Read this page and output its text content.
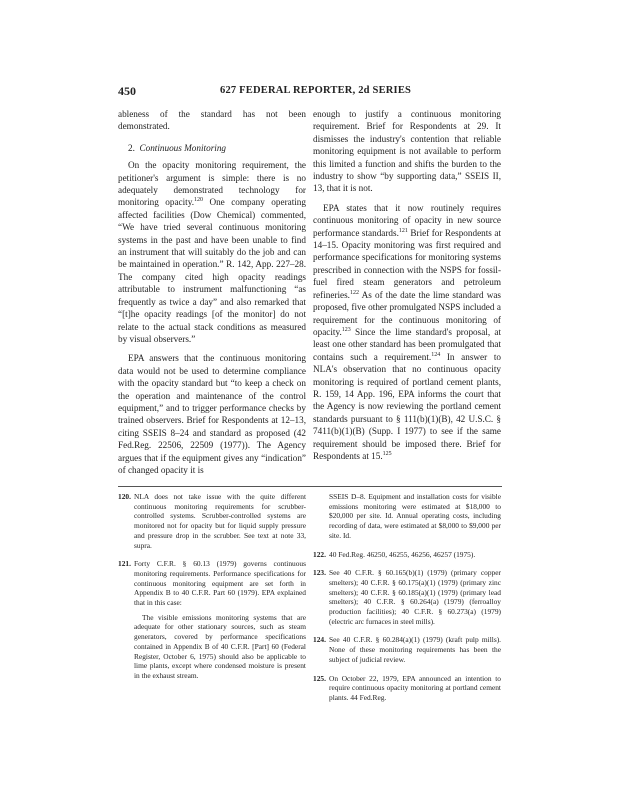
450	627 FEDERAL REPORTER, 2d SERIES

ableness of the standard has not been demonstrated.

2. Continuous Monitoring

On the opacity monitoring requirement, the petitioner's argument is simple: there is no adequately demonstrated technology for monitoring opacity.$^{120}$ One company operating affected facilities (Dow Chemical) commented, “We have tried several continuous monitoring systems in the past and have been unable to find an instrument that will suitably do the job and can be maintained in operation.” R. 142, App. 227–28. The company cited high opacity readings attributable to instrument malfunctioning “as frequently as twice a day” and also remarked that “[t]he opacity readings [of the monitor] do not relate to the actual stack conditions as measured by visual observers.”

EPA answers that the continuous monitoring data would not be used to determine compliance with the opacity standard but “to keep a check on the operation and maintenance of the control equipment,” and to trigger performance checks by trained observers. Brief for Respondents at 12–13, citing SSEIS 8–24 and standard as proposed (42 Fed.Reg. 22506, 22509 (1977)). The Agency argues that if the equipment gives any “indication” of changed opacity it is

enough to justify a continuous monitoring requirement. Brief for Respondents at 29. It dismisses the industry's contention that reliable monitoring equipment is not available to perform this limited a function and shifts the burden to the industry to show “by supporting data,” SSEIS II, 13, that it is not.

EPA states that it now routinely requires continuous monitoring of opacity in new source performance standards.$^{121}$ Brief for Respondents at 14–15. Opacity monitoring was first required and performance specifications for monitoring systems prescribed in connection with the NSPS for fossil-fuel fired steam generators and petroleum refineries.$^{122}$ As of the date the lime standard was proposed, five other promulgated NSPS included a requirement for the continuous monitoring of opacity.$^{123}$ Since the lime standard's proposal, at least one other standard has been promulgated that contains such a requirement.$^{124}$ In answer to NLA's observation that no continuous opacity monitoring is required of portland cement plants, R. 159, 14 App. 196, EPA informs the court that the Agency is now reviewing the portland cement standards pursuant to § 111(b)(1)(B), 42 U.S.C. § 7411(b)(1)(B) (Supp. I 1977) to see if the same requirement should be imposed there. Brief for Respondents at 15.$^{125}$

120. NLA does not take issue with the quite different continuous monitoring requirements for scrubber-controlled systems. Scrubber-controlled systems are monitored not for opacity but for liquid supply pressure and pressure drop in the scrubber. See text at note 33, supra.
121. Forty C.F.R. § 60.13 (1979) governs continuous monitoring requirements. Performance specifications for continuous monitoring equipment are set forth in Appendix B to 40 C.F.R. Part 60 (1979). EPA explained that in this case:
The visible emissions monitoring systems that are adequate for other stationary sources, such as steam generators, covered by performance specifications contained in Appendix B of 40 C.F.R. [Part] 60 (Federal Register, October 6, 1975) should also be applicable to lime plants, except where condensed moisture is present in the exhaust stream.
SSEIS D–8. Equipment and installation costs for visible emissions monitoring were estimated at $18,000 to $20,000 per site. Id. Annual operating costs, including recording of data, were estimated at $8,000 to $9,000 per site. Id.
122. 40 Fed.Reg. 46250, 46255, 46256, 46257 (1975).
123. See 40 C.F.R. § 60.165(b)(1) (1979) (primary copper smelters); 40 C.F.R. § 60.175(a)(1) (1979) (primary zinc smelters); 40 C.F.R. § 60.185(a)(1) (1979) (primary lead smelters); 40 C.F.R. § 60.264(a) (1979) (ferroalloy production facilities); 40 C.F.R. § 60.273(a) (1979) (electric arc furnaces in steel mills).
124. See 40 C.F.R. § 60.284(a)(1) (1979) (kraft pulp mills). None of these monitoring requirements has been the subject of judicial review.
125. On October 22, 1979, EPA announced an intention to require continuous opacity monitoring at portland cement plants. 44 Fed.Reg.
